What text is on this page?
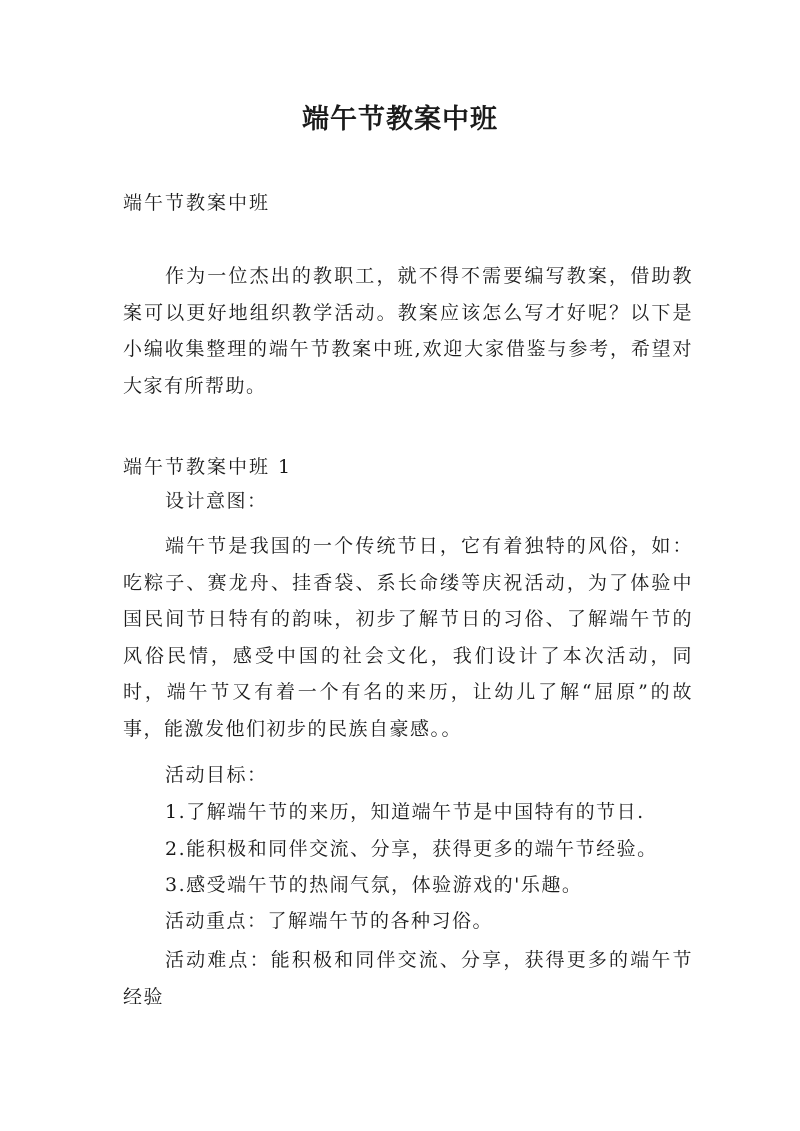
端午节教案中班
端午节教案中班

作为一位杰出的教职工，就不得不需要编写教案，借助教案可以更好地组织教学活动。教案应该怎么写才好呢？以下是小编收集整理的端午节教案中班,欢迎大家借鉴与参考，希望对大家有所帮助。

端午节教案中班 1
设计意图：

端午节是我国的一个传统节日，它有着独特的风俗，如：吃粽子、赛龙舟、挂香袋、系长命缕等庆祝活动，为了体验中国民间节日特有的韵味，初步了解节日的习俗、了解端午节的风俗民情，感受中国的社会文化，我们设计了本次活动，同时，端午节又有着一个有名的来历，让幼儿了解“屈原”的故事，能激发他们初步的民族自豪感。。

活动目标：
1.了解端午节的来历，知道端午节是中国特有的节日.
2.能积极和同伴交流、分享，获得更多的端午节经验。
3.感受端午节的热闹气氛，体验游戏的'乐趣。
活动重点：了解端午节的各种习俗。

活动难点：能积极和同伴交流、分享，获得更多的端午节经验
